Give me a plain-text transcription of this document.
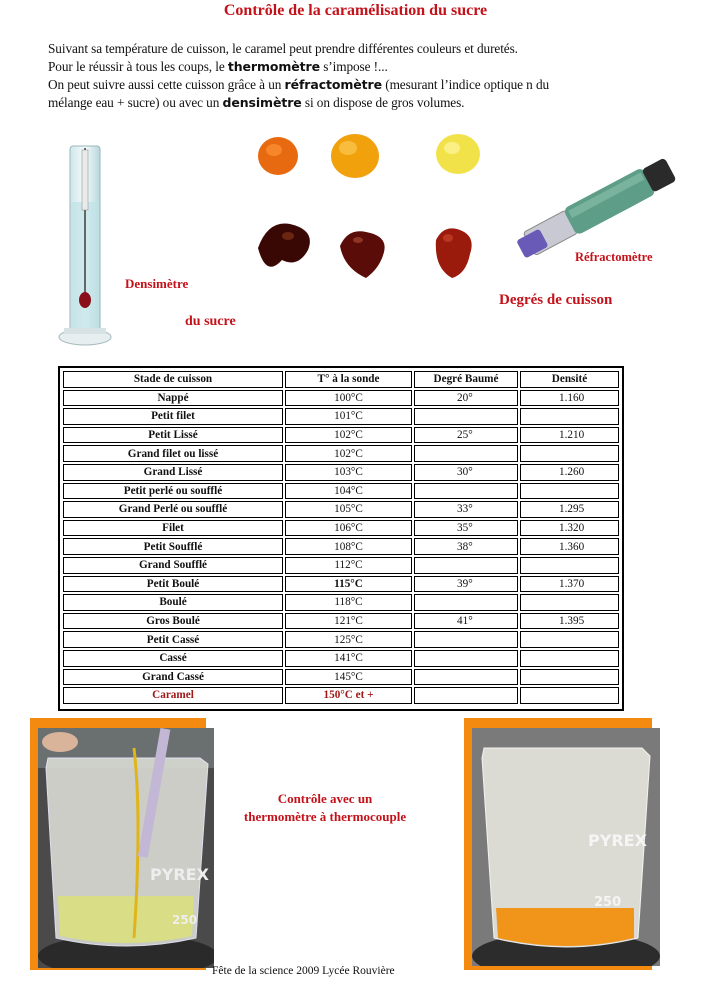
Contrôle de la caramélisation du sucre
Suivant sa température de cuisson, le caramel peut prendre différentes couleurs et duretés.
Pour le réussir à tous les coups, le thermomètre s’impose !...
On peut suivre aussi cette cuisson grâce à un réfractomètre (mesurant l’indice optique n du
mélange eau + sucre) ou avec un densimètre si on dispose de gros volumes.
Densimètre
du sucre
Réfractomètre
Degrés de cuisson
Stade de cuisson	T° à la sonde	Degré Baumé	Densité
Nappé	100°C	20°	1.160
Petit filet	101°C		
Petit Lissé	102°C	25°	1.210
Grand filet ou lissé	102°C		
Grand Lissé	103°C	30°	1.260
Petit perlé ou soufflé	104°C		
Grand Perlé ou soufflé	105°C	33°	1.295
Filet	106°C	35°	1.320
Petit Soufflé	108°C	38°	1.360
Grand Soufflé	112°C		
Petit Boulé	115°C	39°	1.370
Boulé	118°C		
Gros Boulé	121°C	41°	1.395
Petit Cassé	125°C		
Cassé	141°C		
Grand Cassé	145°C		
Caramel	150°C et +		
PYREX
250
Contrôle avec un
thermomètre à thermocouple
PYREX
250
Fête de la science 2009 Lycée Rouvière
